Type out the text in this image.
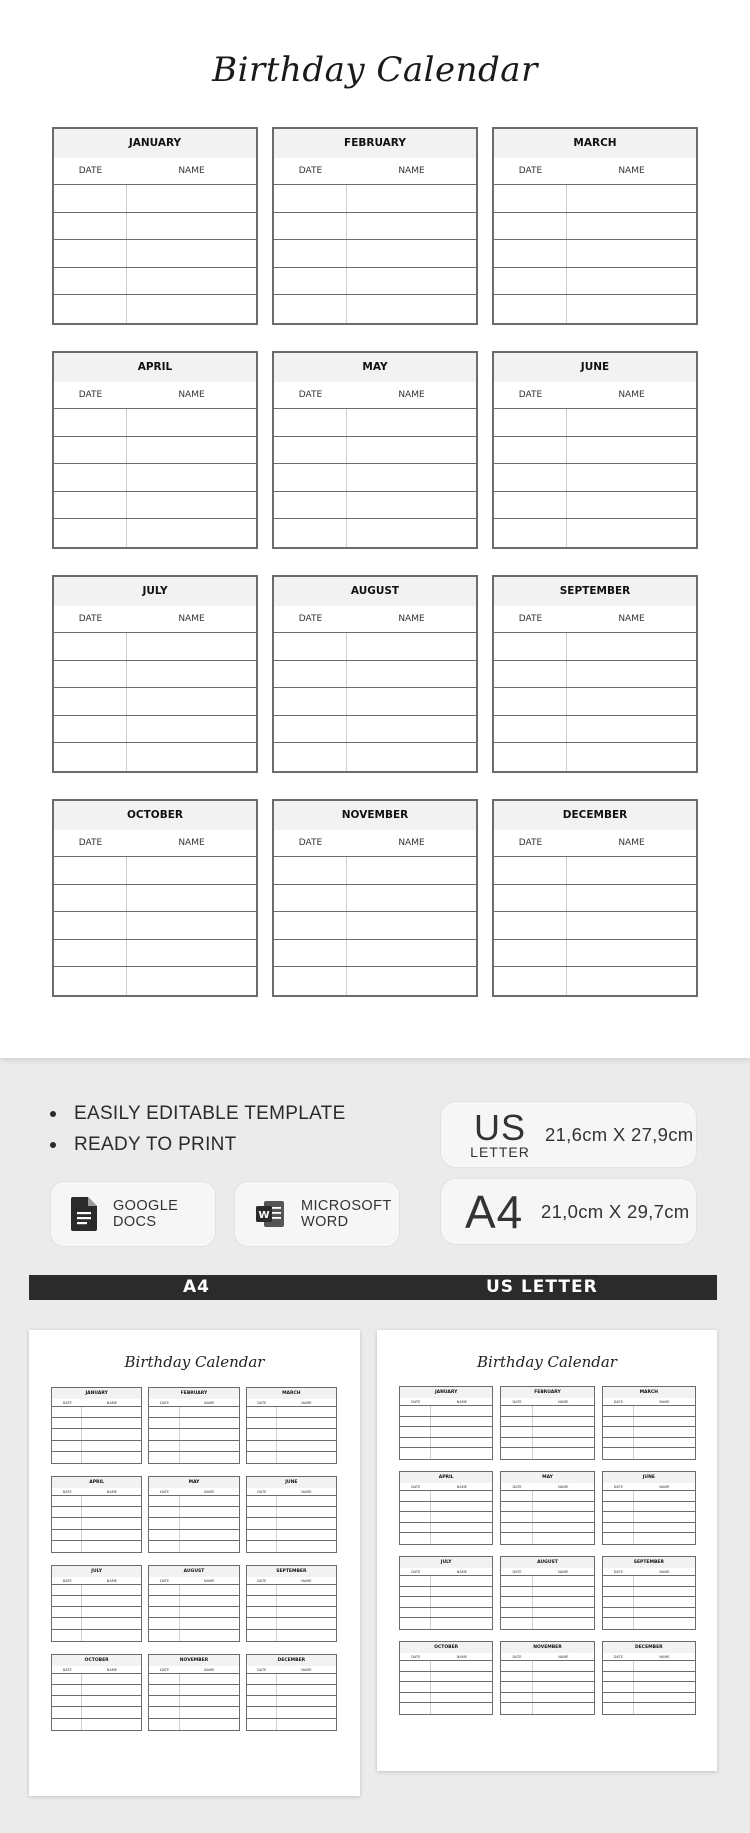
Birthday Calendar
JANUARY
DATE	NAME
FEBRUARY
DATE	NAME
MARCH
DATE	NAME
APRIL
DATE	NAME
MAY
DATE	NAME
JUNE
DATE	NAME
JULY
DATE	NAME
AUGUST
DATE	NAME
SEPTEMBER
DATE	NAME
OCTOBER
DATE	NAME
NOVEMBER
DATE	NAME
DECEMBER
DATE	NAME
EASILY EDITABLE TEMPLATE
READY TO PRINT
GOOGLE
DOCS	W
MICROSOFT
WORD
US
LETTER
21,6cm X 27,9cm
A4 21,0cm X 29,7cm
A4	US LETTER
Birthday Calendar
JANUARY
DATE	NAME
FEBRUARY
DATE	NAME
MARCH
DATE	NAME
APRIL
DATE	NAME
MAY
DATE	NAME
JUNE
DATE	NAME
JULY
DATE	NAME
AUGUST
DATE	NAME
SEPTEMBER
DATE	NAME
OCTOBER
DATE	NAME
NOVEMBER
DATE	NAME
DECEMBER
DATE	NAME
Birthday Calendar
JANUARY
DATE	NAME
FEBRUARY
DATE	NAME
MARCH
DATE	NAME
APRIL
DATE	NAME
MAY
DATE	NAME
JUNE
DATE	NAME
JULY
DATE	NAME
AUGUST
DATE	NAME
SEPTEMBER
DATE	NAME
OCTOBER
DATE	NAME
NOVEMBER
DATE	NAME
DECEMBER
DATE	NAME
